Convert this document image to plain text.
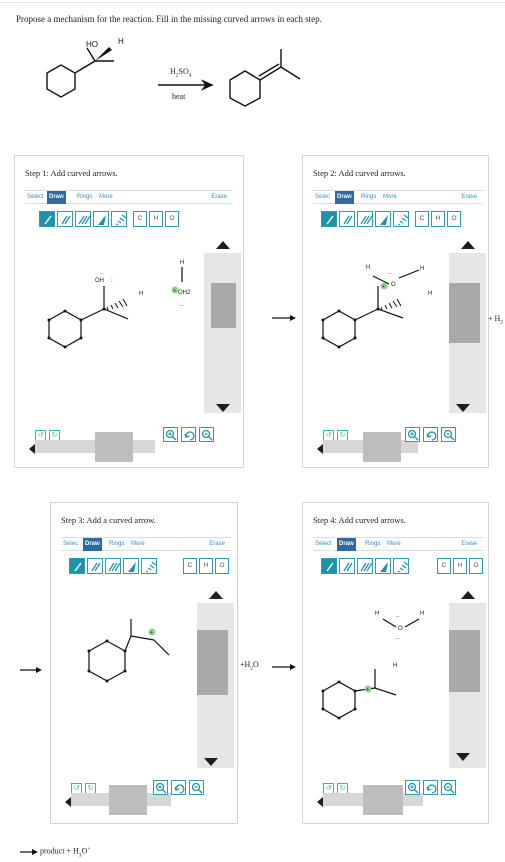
Propose a mechanism for the reaction. Fill in the missing curved arrows in each step.
HO	H
$H_2SO_4$
heat
Step 1: Add curved arrows.
Select Draw	Rings	More	Erase
C	H	O
OH :
..
H
H
+ OH2
..
↺	↻
Step 2: Add curved arrows.
Selec	Draw	Rings	More	Erase
C	H	O
H
..
+ O
H
H
↺	↻
+ $H_2$
Step 3: Add a curved arrow.
Selec	Draw	Rings	More	Erase
C	H	O
+
↺	↻
$+H_2O$
Step 4: Add curved arrows.
Select	Draw	Rings	More	Erase
C	H	O
+
H	..
O
..
H
H
↺	↻
product + $H_3O^+$
